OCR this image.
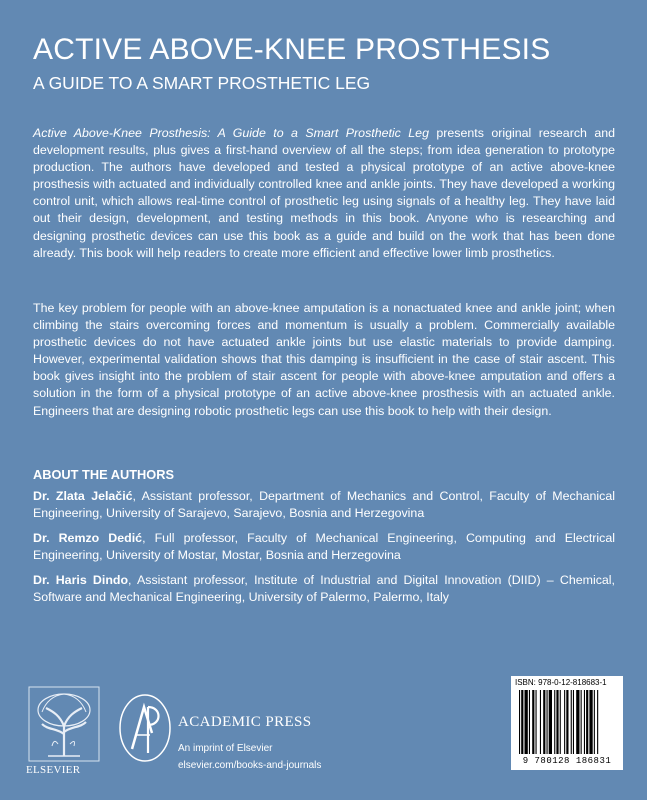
ACTIVE ABOVE-KNEE PROSTHESIS
A GUIDE TO A SMART PROSTHETIC LEG
Active Above-Knee Prosthesis: A Guide to a Smart Prosthetic Leg presents original research and development results, plus gives a first-hand overview of all the steps; from idea generation to prototype production. The authors have developed and tested a physical prototype of an active above-knee prosthesis with actuated and individually controlled knee and ankle joints. They have developed a working control unit, which allows real-time control of prosthetic leg using signals of a healthy leg. They have laid out their design, development, and testing methods in this book. Anyone who is researching and designing prosthetic devices can use this book as a guide and build on the work that has been done already. This book will help readers to create more efficient and effective lower limb prosthetics.
The key problem for people with an above-knee amputation is a nonactuated knee and ankle joint; when climbing the stairs overcoming forces and momentum is usually a problem. Commercially available prosthetic devices do not have actuated ankle joints but use elastic materials to provide damping. However, experimental validation shows that this damping is insufficient in the case of stair ascent. This book gives insight into the problem of stair ascent for people with above-knee amputation and offers a solution in the form of a physical prototype of an active above-knee prosthesis with an actuated ankle. Engineers that are designing robotic prosthetic legs can use this book to help with their design.
ABOUT THE AUTHORS
Dr. Zlata Jelačić, Assistant professor, Department of Mechanics and Control, Faculty of Mechanical Engineering, University of Sarajevo, Sarajevo, Bosnia and Herzegovina
Dr. Remzo Dedić, Full professor, Faculty of Mechanical Engineering, Computing and Electrical Engineering, University of Mostar, Mostar, Bosnia and Herzegovina
Dr. Haris Dindo, Assistant professor, Institute of Industrial and Digital Innovation (DIID) – Chemical, Software and Mechanical Engineering, University of Palermo, Palermo, Italy
ELSEVIER
ACADEMIC PRESS
An imprint of Elsevier
elsevier.com/books-and-journals
ISBN: 978-0-12-818683-1
9 780128 186831
